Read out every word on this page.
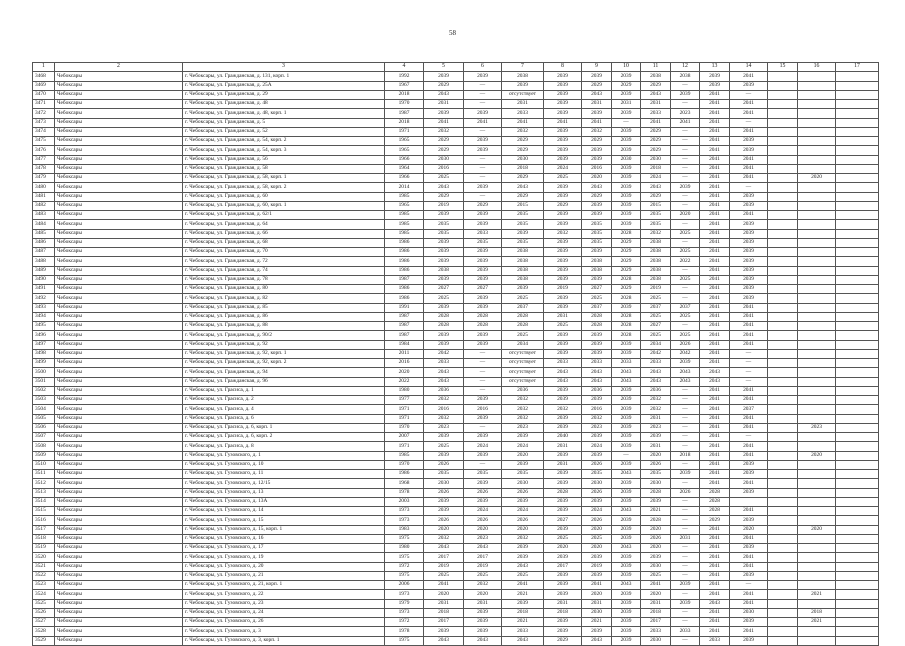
58
1	2	3	4	5	6	7	8	9	10	11	12	13	14	15	16	17
3468	Чебоксары	г. Чебоксары, ул. Гражданская, д. 131, корп. 1	1992	2039	2039	2038	2039	2039	2039	2038	2038	2039	2041			
3469	Чебоксары	г. Чебоксары, ул. Гражданская, д. 25А	1967	2029	—	2039	2039	2029	2029	2029	—	2039	2039			
3470	Чебоксары	г. Чебоксары, ул. Гражданская, д. 29	2018	2043	—	отсутствует	2039	2043	2039	2043	2039	2041	—			
3471	Чебоксары	г. Чебоксары, ул. Гражданская, д. 48	1970	2031	—	2031	2039	2031	2031	2031	—	2041	2041			
3472	Чебоксары	г. Чебоксары, ул. Гражданская, д. 48, корп. 1	1987	2039	2039	2033	2039	2039	2039	2033	2023	2041	2041			
3473	Чебоксары	г. Чебоксары, ул. Гражданская, д. 5	2018	2041	2041	2041	2041	2041	—	2041	2041	2041	—			
3474	Чебоксары	г. Чебоксары, ул. Гражданская, д. 52	1971	2032	—	2032	2039	2032	2039	2029	—	2041	2041			
3475	Чебоксары	г. Чебоксары, ул. Гражданская, д. 54, корп. 2	1965	2029	2039	2029	2039	2029	2039	2029	—	2041	2039			
3476	Чебоксары	г. Чебоксары, ул. Гражданская, д. 54, корп. 3	1965	2029	2039	2029	2039	2039	2039	2029	—	2041	2039			
3477	Чебоксары	г. Чебоксары, ул. Гражданская, д. 56	1966	2030	—	2030	2039	2039	2030	2030	—	2041	2041			
3478	Чебоксары	г. Чебоксары, ул. Гражданская, д. 58	1964	2016	—	2018	2024	2016	2039	2018	—	2041	2041			
3479	Чебоксары	г. Чебоксары, ул. Гражданская, д. 58, корп. 1	1966	2025	—	2029	2025	2020	2039	2024	—	2041	2041		2020	
3480	Чебоксары	г. Чебоксары, ул. Гражданская, д. 58, корп. 2	2014	2043	2039	2043	2039	2043	2039	2043	2039	2041	—			
3481	Чебоксары	г. Чебоксары, ул. Гражданская, д. 60	1985	2029	—	2029	2039	2029	2039	2029	—	2041	2039			
3482	Чебоксары	г. Чебоксары, ул. Гражданская, д. 60, корп. 1	1965	2019	2029	2015	2029	2039	2039	2015	—	2041	2039			
3483	Чебоксары	г. Чебоксары, ул. Гражданская, д. 62/1	1985	2039	2039	2035	2039	2039	2039	2035	2020	2041	2041			
3484	Чебоксары	г. Чебоксары, ул. Гражданская, д. 64	1985	2035	2039	2035	2039	2035	2039	2035	—	2041	2039			
3485	Чебоксары	г. Чебоксары, ул. Гражданская, д. 66	1985	2035	2033	2039	2032	2035	2028	2032	2025	2041	2039			
3486	Чебоксары	г. Чебоксары, ул. Гражданская, д. 68	1986	2039	2035	2035	2039	2035	2029	2038	—	2041	2039			
3487	Чебоксары	г. Чебоксары, ул. Гражданская, д. 70	1986	2039	2039	2038	2039	2039	2029	2038	2025	2041	2039			
3488	Чебоксары	г. Чебоксары, ул. Гражданская, д. 72	1986	2039	2039	2038	2039	2038	2029	2038	2022	2041	2039			
3489	Чебоксары	г. Чебоксары, ул. Гражданская, д. 74	1986	2038	2039	2038	2039	2038	2029	2038	—	2041	2039			
3490	Чебоксары	г. Чебоксары, ул. Гражданская, д. 78	1987	2039	2039	2038	2039	2039	2028	2038	2025	2041	2039			
3491	Чебоксары	г. Чебоксары, ул. Гражданская, д. 80	1986	2027	2027	2039	2019	2027	2029	2019	—	2041	2039			
3492	Чебоксары	г. Чебоксары, ул. Гражданская, д. 82	1986	2025	2039	2025	2039	2025	2028	2025	—	2041	2039			
3493	Чебоксары	г. Чебоксары, ул. Гражданская, д. 85	1991	2039	2039	2037	2039	2037	2039	2037	2037	2041	2041			
3494	Чебоксары	г. Чебоксары, ул. Гражданская, д. 86	1987	2028	2028	2028	2031	2028	2028	2025	2025	2041	2041			
3495	Чебоксары	г. Чебоксары, ул. Гражданская, д. 88	1987	2028	2028	2028	2025	2028	2028	2027	—	2041	2041			
3496	Чебоксары	г. Чебоксары, ул. Гражданская, д. 90/2	1987	2039	2039	2025	2039	2039	2028	2025	2025	2041	2041			
3497	Чебоксары	г. Чебоксары, ул. Гражданская, д. 92	1984	2039	2039	2034	2039	2039	2039	2034	2026	2041	2041			
3498	Чебоксары	г. Чебоксары, ул. Гражданская, д. 92, корп. 1	2011	2042	—	отсутствует	2039	2039	2039	2042	2042	2041	—			
3499	Чебоксары	г. Чебоксары, ул. Гражданская, д. 92, корп. 2	2016	2033	—	отсутствует	2033	2033	2033	2033	2039	2041	—			
3500	Чебоксары	г. Чебоксары, ул. Гражданская, д. 94	2020	2043	—	отсутствует	2043	2043	2043	2043	2043	2043	—			
3501	Чебоксары	г. Чебоксары, ул. Гражданская, д. 96	2022	2043	—	отсутствует	2043	2043	2043	2043	2043	2043	—			
3502	Чебоксары	г. Чебоксары, ул. Грасиса, д. 1	1980	2036	—	2036	2039	2036	2039	2036	—	2041	2041			
3503	Чебоксары	г. Чебоксары, ул. Грасиса, д. 2	1977	2032	2039	2032	2039	2039	2039	2032	—	2041	2041			
3504	Чебоксары	г. Чебоксары, ул. Грасиса, д. 4	1971	2016	2016	2032	2032	2016	2039	2032	—	2041	2037			
3505	Чебоксары	г. Чебоксары, ул. Грасиса, д. 6	1971	2032	2039	2032	2039	2032	2039	2031	—	2041	2041			
3506	Чебоксары	г. Чебоксары, ул. Грасиса, д. 6, корп. 1	1970	2023	—	2023	2039	2023	2039	2023	—	2041	2041		2023	
3507	Чебоксары	г. Чебоксары, ул. Грасиса, д. 6, корп. 2	2007	2039	2039	2039	2040	2039	2039	2039	—	2041	—			
3508	Чебоксары	г. Чебоксары, ул. Грасиса, д. 8	1971	2025	2024	2024	2031	2024	2039	2031	—	2041	2041			
3509	Чебоксары	г. Чебоксары, ул. Гузовского, д. 1	1985	2039	2039	2020	2039	2039	—	2020	2018	2041	2041		2020	
3510	Чебоксары	г. Чебоксары, ул. Гузовского, д. 10	1970	2026	—	2039	2031	2026	2039	2026	—	2041	2039			
3511	Чебоксары	г. Чебоксары, ул. Гузовского, д. 11	1986	2035	2035	2035	2039	2035	2043	2035	2039	2041	2039			
3512	Чебоксары	г. Чебоксары, ул. Гузовского, д. 12/15	1968	2030	2039	2030	2039	2030	2039	2030	—	2041	2041			
3513	Чебоксары	г. Чебоксары, ул. Гузовского, д. 13	1978	2026	2026	2026	2028	2026	2039	2028	2026	2028	2039			
3514	Чебоксары	г. Чебоксары, ул. Гузовского, д. 13А	2003	2039	2039	2039	2039	2039	2039	2039	—	2028				
3515	Чебоксары	г. Чебоксары, ул. Гузовского, д. 14	1973	2039	2024	2024	2039	2024	2043	2021	—	2028	2041			
3516	Чебоксары	г. Чебоксары, ул. Гузовского, д. 15	1973	2026	2026	2026	2027	2026	2039	2028	—	2029	2039			
3517	Чебоксары	г. Чебоксары, ул. Гузовского, д. 15, корп. 1	1983	2020	2020	2020	2039	2020	2039	2020	—	2041	2020		2020	
3518	Чебоксары	г. Чебоксары, ул. Гузовского, д. 16	1975	2032	2023	2032	2025	2025	2039	2026	2031	2041	2041			
3519	Чебоксары	г. Чебоксары, ул. Гузовского, д. 17	1980	2043	2043	2039	2020	2020	2043	2020	—	2041	2039			
3520	Чебоксары	г. Чебоксары, ул. Гузовского, д. 19	1975	2017	2017	2039	2039	2039	2039	2039	—	2041	2041			
3521	Чебоксары	г. Чебоксары, ул. Гузовского, д. 20	1972	2019	2019	2043	2017	2019	2039	2030	—	2041	2041			
3522	Чебоксары	г. Чебоксары, ул. Гузовского, д. 21	1975	2025	2025	2025	2039	2039	2039	2025	—	2041	2039			
3523	Чебоксары	г. Чебоксары, ул. Гузовского, д. 21, корп. 1	2006	2041	2032	2041	2039	2041	2043	2041	2039	2041	—			
3524	Чебоксары	г. Чебоксары, ул. Гузовского, д. 22	1973	2020	2020	2021	2039	2020	2039	2020	—	2041	2041		2021	
3525	Чебоксары	г. Чебоксары, ул. Гузовского, д. 23	1979	2031	2031	2039	2031	2031	2039	2031	2039	2043	2041			
3526	Чебоксары	г. Чебоксары, ул. Гузовского, д. 24	1973	2018	2039	2018	2018	2030	2039	2018	—	2041	2030		2018	
3527	Чебоксары	г. Чебоксары, ул. Гузовского, д. 26	1972	2017	2039	2021	2039	2021	2039	2017	—	2041	2039		2021	
3528	Чебоксары	г. Чебоксары, ул. Гузовского, д. 3	1978	2039	2039	2033	2039	2039	2039	2033	2033	2041	2041			
3529	Чебоксары	г. Чебоксары, ул. Гузовского, д. 3, корп. 1	1975	2043	2043	2043	2029	2043	2039	2030	—	2033	2039			
